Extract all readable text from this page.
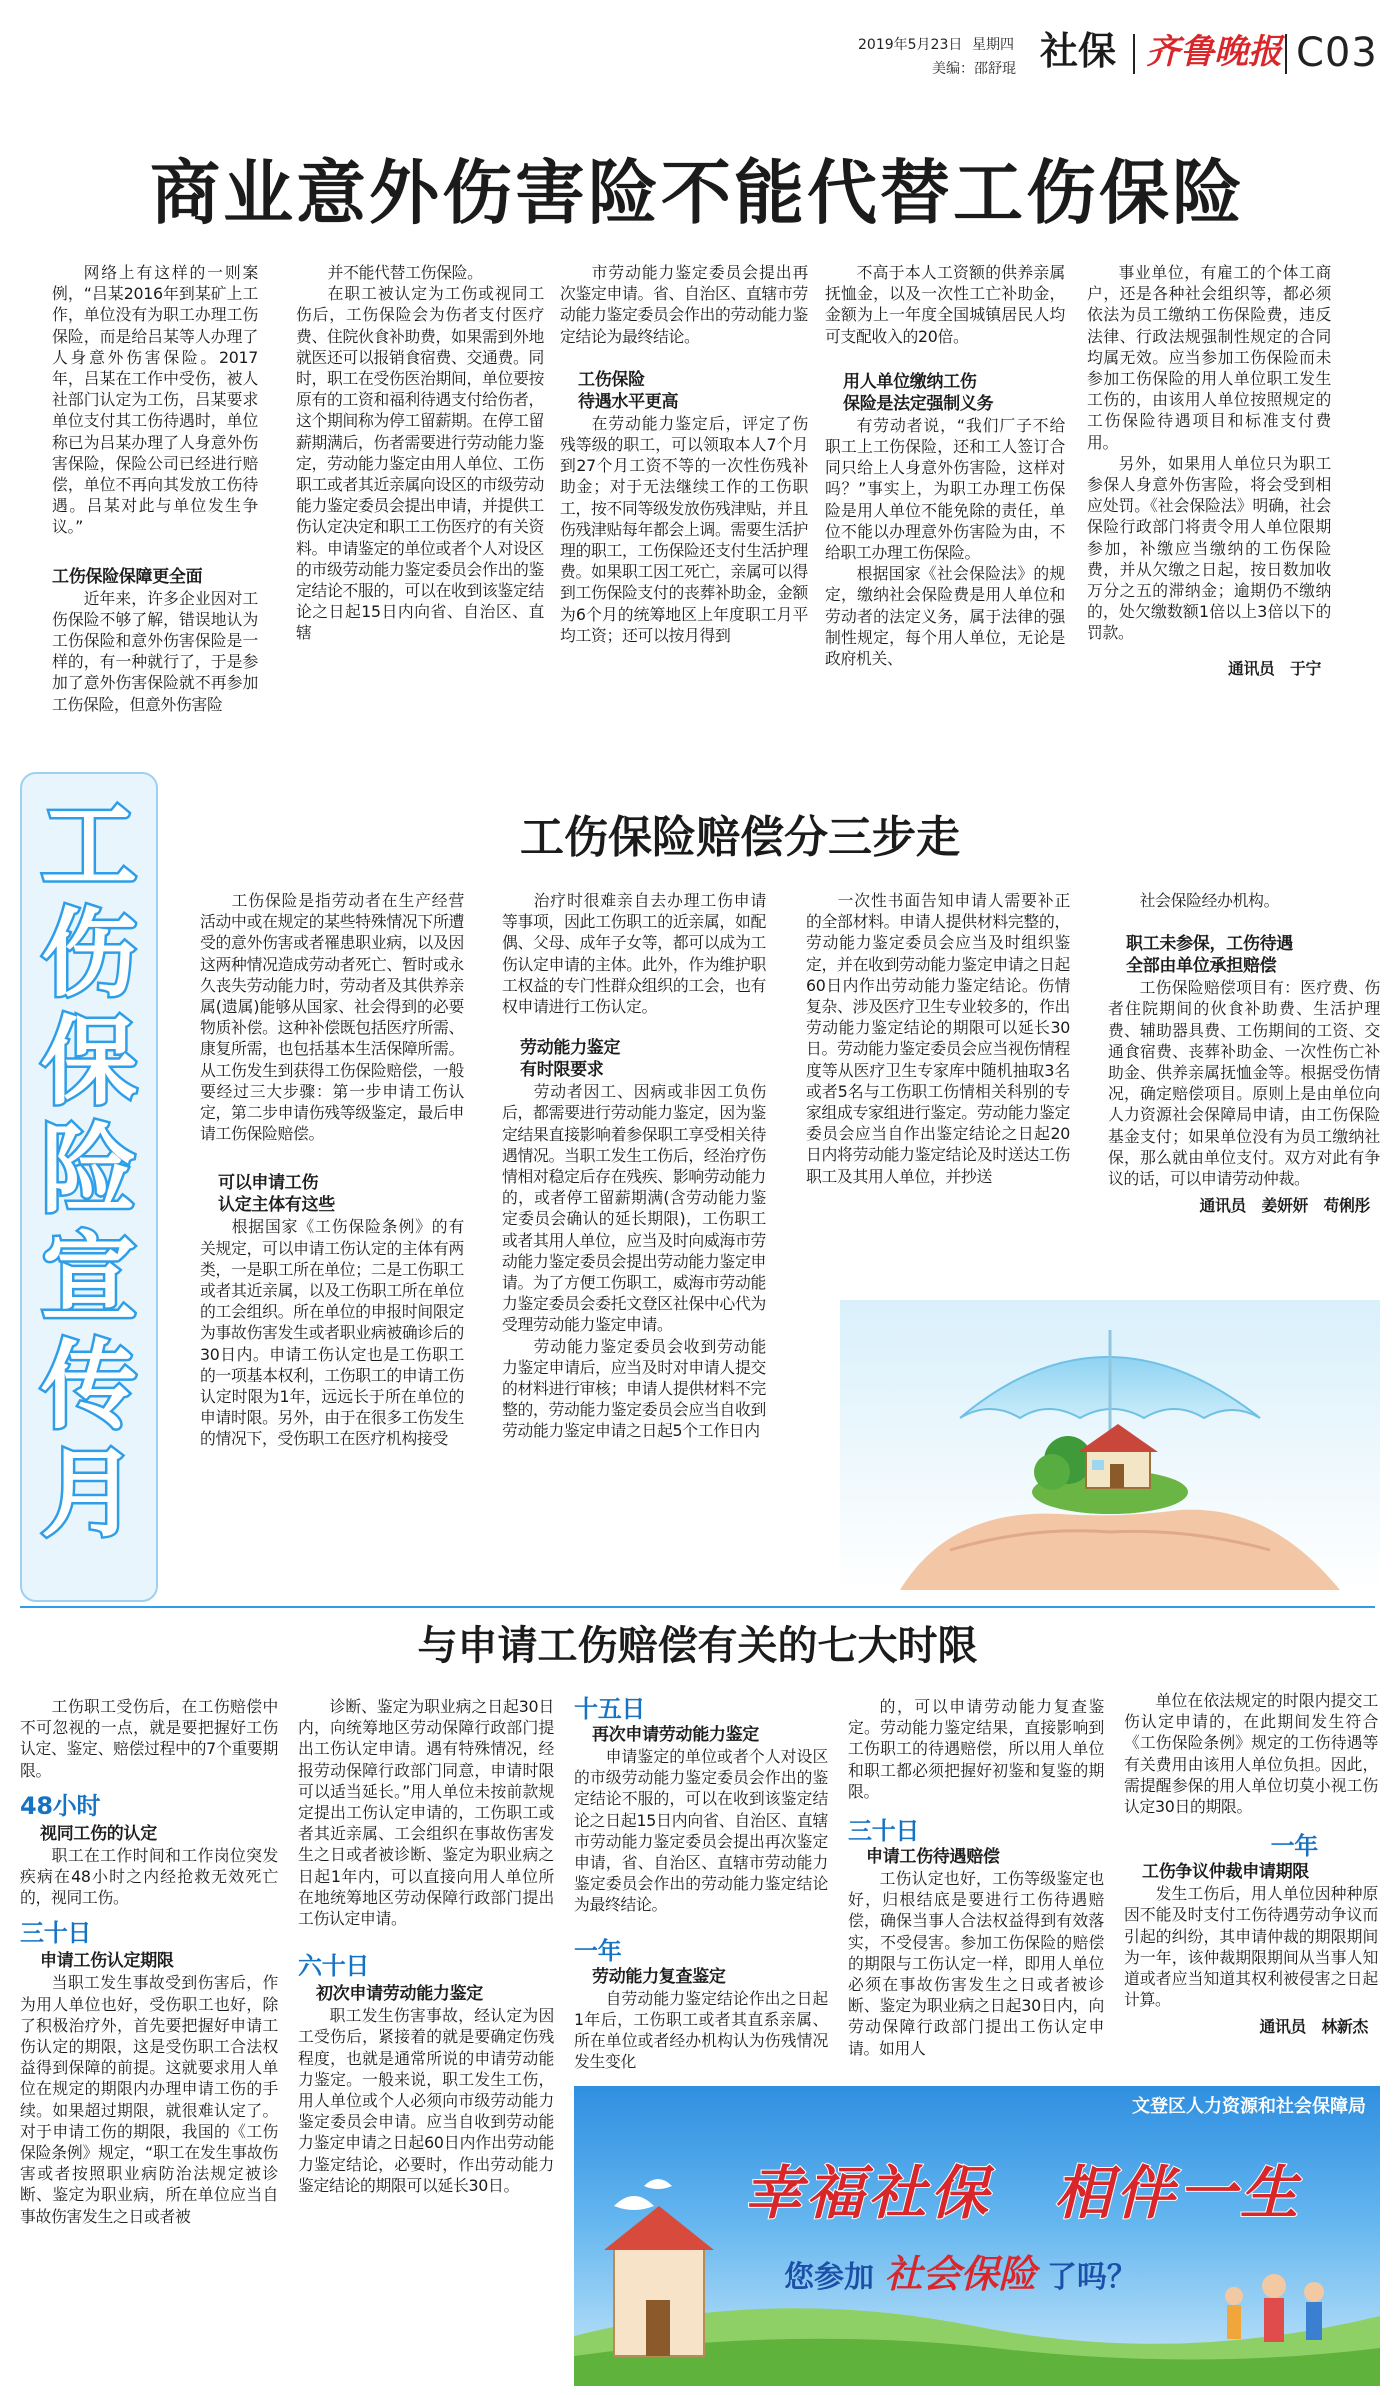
2019年5月23日 星期四
美编：邵舒琨 社保 齐鲁晚报 C03
商业意外伤害险不能代替工伤保险

网络上有这样的一则案例，“吕某2016年到某矿上工作，单位没有为职工办理工伤保险，而是给吕某等人办理了人身意外伤害保险。2017年，吕某在工作中受伤，被人社部门认定为工伤，吕某要求单位支付其工伤待遇时，单位称已为吕某办理了人身意外伤害保险，保险公司已经进行赔偿，单位不再向其发放工伤待遇。吕某对此与单位发生争议。”

工伤保险保障更全面

近年来，许多企业因对工伤保险不够了解，错误地认为工伤保险和意外伤害保险是一样的，有一种就行了，于是参加了意外伤害保险就不再参加工伤保险，但意外伤害险

并不能代替工伤保险。

在职工被认定为工伤或视同工伤后，工伤保险会为伤者支付医疗费、住院伙食补助费，如果需到外地就医还可以报销食宿费、交通费。同时，职工在受伤医治期间，单位要按原有的工资和福利待遇支付给伤者，这个期间称为停工留薪期。在停工留薪期满后，伤者需要进行劳动能力鉴定，劳动能力鉴定由用人单位、工伤职工或者其近亲属向设区的市级劳动能力鉴定委员会提出申请，并提供工伤认定决定和职工工伤医疗的有关资料。申请鉴定的单位或者个人对设区的市级劳动能力鉴定委员会作出的鉴定结论不服的，可以在收到该鉴定结论之日起15日内向省、自治区、直辖

市劳动能力鉴定委员会提出再次鉴定申请。省、自治区、直辖市劳动能力鉴定委员会作出的劳动能力鉴定结论为最终结论。

工伤保险
待遇水平更高

在劳动能力鉴定后，评定了伤残等级的职工，可以领取本人7个月到27个月工资不等的一次性伤残补助金；对于无法继续工作的工伤职工，按不同等级发放伤残津贴，并且伤残津贴每年都会上调。需要生活护理的职工，工伤保险还支付生活护理费。如果职工因工死亡，亲属可以得到工伤保险支付的丧葬补助金，金额为6个月的统筹地区上年度职工月平均工资；还可以按月得到

不高于本人工资额的供养亲属抚恤金，以及一次性工亡补助金，金额为上一年度全国城镇居民人均可支配收入的20倍。

用人单位缴纳工伤
保险是法定强制义务

有劳动者说，“我们厂子不给职工上工伤保险，还和工人签订合同只给上人身意外伤害险，这样对吗？”事实上，为职工办理工伤保险是用人单位不能免除的责任，单位不能以办理意外伤害险为由，不给职工办理工伤保险。

根据国家《社会保险法》的规定，缴纳社会保险费是用人单位和劳动者的法定义务，属于法律的强制性规定，每个用人单位，无论是政府机关、

事业单位，有雇工的个体工商户，还是各种社会组织等，都必须依法为员工缴纳工伤保险费，违反法律、行政法规强制性规定的合同均属无效。应当参加工伤保险而未参加工伤保险的用人单位职工发生工伤的，由该用人单位按照规定的工伤保险待遇项目和标准支付费用。

另外，如果用人单位只为职工参保人身意外伤害险，将会受到相应处罚。《社会保险法》明确，社会保险行政部门将责令用人单位限期参加，补缴应当缴纳的工伤保险费，并从欠缴之日起，按日数加收万分之五的滞纳金；逾期仍不缴纳的，处欠缴数额1倍以上3倍以下的罚款。

通讯员　于宁

工
伤
保
险
宣
传
月
工伤保险赔偿分三步走

工伤保险是指劳动者在生产经营活动中或在规定的某些特殊情况下所遭受的意外伤害或者罹患职业病，以及因这两种情况造成劳动者死亡、暂时或永久丧失劳动能力时，劳动者及其供养亲属(遗属)能够从国家、社会得到的必要物质补偿。这种补偿既包括医疗所需、康复所需，也包括基本生活保障所需。从工伤发生到获得工伤保险赔偿，一般要经过三大步骤：第一步申请工伤认定，第二步申请伤残等级鉴定，最后申请工伤保险赔偿。

可以申请工伤
认定主体有这些

根据国家《工伤保险条例》的有关规定，可以申请工伤认定的主体有两类，一是职工所在单位；二是工伤职工或者其近亲属，以及工伤职工所在单位的工会组织。所在单位的申报时间限定为事故伤害发生或者职业病被确诊后的30日内。申请工伤认定也是工伤职工的一项基本权利，工伤职工的申请工伤认定时限为1年，远远长于所在单位的申请时限。另外，由于在很多工伤发生的情况下，受伤职工在医疗机构接受

治疗时很难亲自去办理工伤申请等事项，因此工伤职工的近亲属，如配偶、父母、成年子女等，都可以成为工伤认定申请的主体。此外，作为维护职工权益的专门性群众组织的工会，也有权申请进行工伤认定。

劳动能力鉴定
有时限要求

劳动者因工、因病或非因工负伤后，都需要进行劳动能力鉴定，因为鉴定结果直接影响着参保职工享受相关待遇情况。当职工发生工伤后，经治疗伤情相对稳定后存在残疾、影响劳动能力的，或者停工留薪期满(含劳动能力鉴定委员会确认的延长期限)，工伤职工或者其用人单位，应当及时向威海市劳动能力鉴定委员会提出劳动能力鉴定申请。为了方便工伤职工，威海市劳动能力鉴定委员会委托文登区社保中心代为受理劳动能力鉴定申请。

劳动能力鉴定委员会收到劳动能力鉴定申请后，应当及时对申请人提交的材料进行审核；申请人提供材料不完整的，劳动能力鉴定委员会应当自收到劳动能力鉴定申请之日起5个工作日内

一次性书面告知申请人需要补正的全部材料。申请人提供材料完整的，劳动能力鉴定委员会应当及时组织鉴定，并在收到劳动能力鉴定申请之日起60日内作出劳动能力鉴定结论。伤情复杂、涉及医疗卫生专业较多的，作出劳动能力鉴定结论的期限可以延长30日。劳动能力鉴定委员会应当视伤情程度等从医疗卫生专家库中随机抽取3名或者5名与工伤职工伤情相关科别的专家组成专家组进行鉴定。劳动能力鉴定委员会应当自作出鉴定结论之日起20日内将劳动能力鉴定结论及时送达工伤职工及其用人单位，并抄送

社会保险经办机构。

职工未参保，工伤待遇
全部由单位承担赔偿

工伤保险赔偿项目有：医疗费、伤者住院期间的伙食补助费、生活护理费、辅助器具费、工伤期间的工资、交通食宿费、丧葬补助金、一次性伤亡补助金、供养亲属抚恤金等。根据受伤情况，确定赔偿项目。原则上是由单位向人力资源社会保障局申请，由工伤保险基金支付；如果单位没有为员工缴纳社保，那么就由单位支付。双方对此有争议的话，可以申请劳动仲裁。

通讯员　姜妍妍　苟俐彤

与申请工伤赔偿有关的七大时限

工伤职工受伤后，在工伤赔偿中不可忽视的一点，就是要把握好工伤认定、鉴定、赔偿过程中的7个重要期限。

48小时

视同工伤的认定

职工在工作时间和工作岗位突发疾病在48小时之内经抢救无效死亡的，视同工伤。

三十日

申请工伤认定期限

当职工发生事故受到伤害后，作为用人单位也好，受伤职工也好，除了积极治疗外，首先要把握好申请工伤认定的期限，这是受伤职工合法权益得到保障的前提。这就要求用人单位在规定的期限内办理申请工伤的手续。如果超过期限，就很难认定了。对于申请工伤的期限，我国的《工伤保险条例》规定，“职工在发生事故伤害或者按照职业病防治法规定被诊断、鉴定为职业病，所在单位应当自事故伤害发生之日或者被

诊断、鉴定为职业病之日起30日内，向统筹地区劳动保障行政部门提出工伤认定申请。遇有特殊情况，经报劳动保障行政部门同意，申请时限可以适当延长。”用人单位未按前款规定提出工伤认定申请的，工伤职工或者其近亲属、工会组织在事故伤害发生之日或者被诊断、鉴定为职业病之日起1年内，可以直接向用人单位所在地统筹地区劳动保障行政部门提出工伤认定申请。

六十日

初次申请劳动能力鉴定

职工发生伤害事故，经认定为因工受伤后，紧接着的就是要确定伤残程度，也就是通常所说的申请劳动能力鉴定。一般来说，职工发生工伤，用人单位或个人必须向市级劳动能力鉴定委员会申请。应当自收到劳动能力鉴定申请之日起60日内作出劳动能力鉴定结论，必要时，作出劳动能力鉴定结论的期限可以延长30日。

十五日

再次申请劳动能力鉴定

申请鉴定的单位或者个人对设区的市级劳动能力鉴定委员会作出的鉴定结论不服的，可以在收到该鉴定结论之日起15日内向省、自治区、直辖市劳动能力鉴定委员会提出再次鉴定申请，省、自治区、直辖市劳动能力鉴定委员会作出的劳动能力鉴定结论为最终结论。

一年

劳动能力复查鉴定

自劳动能力鉴定结论作出之日起1年后，工伤职工或者其直系亲属、所在单位或者经办机构认为伤残情况发生变化

的，可以申请劳动能力复查鉴定。劳动能力鉴定结果，直接影响到工伤职工的待遇赔偿，所以用人单位和职工都必须把握好初鉴和复鉴的期限。

三十日

申请工伤待遇赔偿

工伤认定也好，工伤等级鉴定也好，归根结底是要进行工伤待遇赔偿，确保当事人合法权益得到有效落实，不受侵害。参加工伤保险的赔偿的期限与工伤认定一样，即用人单位必须在事故伤害发生之日或者被诊断、鉴定为职业病之日起30日内，向劳动保障行政部门提出工伤认定申请。如用人

单位在依法规定的时限内提交工伤认定申请的，在此期间发生符合《工伤保险条例》规定的工伤待遇等有关费用由该用人单位负担。因此，需提醒参保的用人单位切莫小视工伤认定30日的期限。

一年

工伤争议仲裁申请期限

发生工伤后，用人单位因种种原因不能及时支付工伤待遇劳动争议而引起的纠纷，其申请仲裁的期限期间为一年，该仲裁期限期间从当事人知道或者应当知道其权利被侵害之日起计算。

通讯员　林新杰

文登区人力资源和社会保障局
幸福社保　相伴一生
您参加 社会保险 了吗？
